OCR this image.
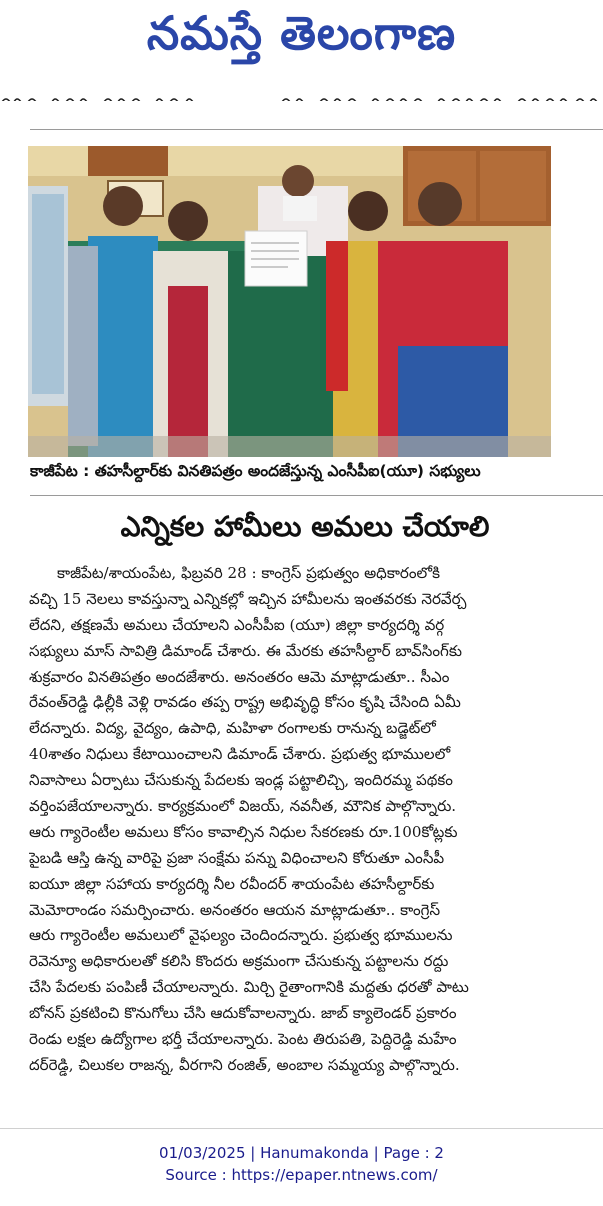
నమస్తే తెలంగాణ
కాజీపేట : తహసీల్దార్‌కు వినతిపత్రం అందజేస్తున్న ఎంసీపీఐ(యూ) సభ్యులు
ఎన్నికల హామీలు అమలు చేయాలి
కాజీపేట/శాయంపేట, ఫిబ్రవరి 28 : కాంగ్రెస్ ప్రభుత్వం అధికారంలోకి
వచ్చి 15 నెలలు కావస్తున్నా ఎన్నికల్లో ఇచ్చిన హామీలను ఇంతవరకు నెరవేర్చ
లేదని, తక్షణమే అమలు చేయాలని ఎంసీపీఐ (యూ) జిల్లా కార్యదర్శి వర్గ
సభ్యులు మాస్ సావిత్రి డిమాండ్ చేశారు. ఈ మేరకు తహసీల్దార్ బావ్‌సింగ్‌కు
శుక్రవారం వినతిపత్రం అందజేశారు. అనంతరం ఆమె మాట్లాడుతూ.. సీఎం
రేవంత్‌రెడ్డి ఢిల్లీకి వెళ్లి రావడం తప్ప రాష్ట్ర అభివృద్ధి కోసం కృషి చేసింది ఏమీ
లేదన్నారు. విద్య, వైద్యం, ఉపాధి, మహిళా రంగాలకు రానున్న బడ్జెట్‌లో
40శాతం నిధులు కేటాయించాలని డిమాండ్ చేశారు. ప్రభుత్వ భూములలో
నివాసాలు ఏర్పాటు చేసుకున్న పేదలకు ఇండ్ల పట్టాలిచ్చి, ఇందిరమ్మ పథకం
వర్తింపజేయాలన్నారు. కార్యక్రమంలో విజయ్, నవనీత, మౌనిక పాల్గొన్నారు.
ఆరు గ్యారెంటీల అమలు కోసం కావాల్సిన నిధుల సేకరణకు రూ.100కోట్లకు
పైబడి ఆస్తి ఉన్న వారిపై ప్రజా సంక్షేమ పన్ను విధించాలని కోరుతూ ఎంసీపీ
ఐయూ జిల్లా సహాయ కార్యదర్శి నీల రవీందర్ శాయంపేట తహసీల్దార్‌కు
మెమోరాండం సమర్పించారు. అనంతరం ఆయన మాట్లాడుతూ.. కాంగ్రెస్
ఆరు గ్యారెంటీల అమలులో వైఫల్యం చెందిందన్నారు. ప్రభుత్వ భూములను
రెవెన్యూ అధికారులతో కలిసి కొందరు అక్రమంగా చేసుకున్న పట్టాలను రద్దు
చేసి పేదలకు పంపిణీ చేయాలన్నారు. మిర్చి రైతాంగానికి మద్దతు ధరతో పాటు
బోనస్ ప్రకటించి కొనుగోలు చేసి ఆదుకోవాలన్నారు. జాబ్ క్యాలెండర్ ప్రకారం
రెండు లక్షల ఉద్యోగాల భర్తీ చేయాలన్నారు. పెంట తిరుపతి, పెద్దిరెడ్డి మహేం
దర్‌రెడ్డి, చిలుకల రాజన్న, వీరగాని రంజిత్, అంబాల సమ్మయ్య పాల్గొన్నారు.
01/03/2025 | Hanumakonda | Page : 2
Source : https://epaper.ntnews.com/
